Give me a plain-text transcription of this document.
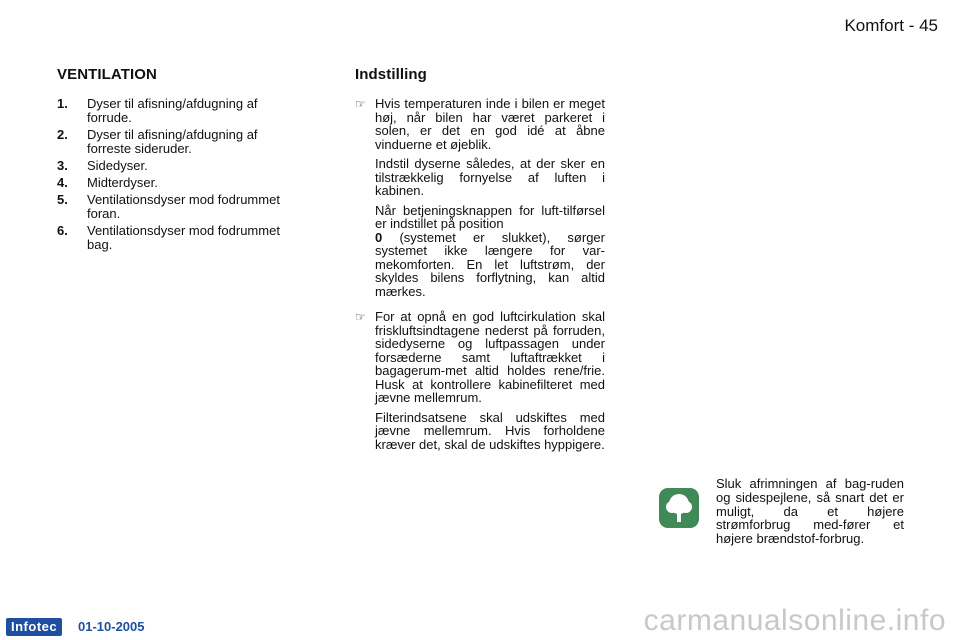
Komfort - 45
VENTILATION
1.	Dyser til afisning/afdugning af forrude.
2.	Dyser til afisning/afdugning af forreste sideruder.
3.	Sidedyser.
4.	Midterdyser.
5.	Ventilationsdyser mod fodrummet foran.
6.	Ventilationsdyser mod fodrummet bag.
Indstilling
☞ Hvis temperaturen inde i bilen er meget høj, når bilen har været parkeret i solen, er det en god idé at åbne vinduerne et øjeblik.

Indstil dyserne således, at der sker en tilstrækkelig fornyelse af luften i kabinen.

Når betjeningsknappen for luft-tilførsel er indstillet på position
0 (systemet er slukket), sørger systemet ikke længere for var-mekomforten. En let luftstrøm, der skyldes bilens forflytning, kan altid mærkes.

☞ For at opnå en god luftcirkulation skal friskluftsindtagene nederst på forruden, sidedyserne og luftpassagen under forsæderne samt luftaftrækket i bagagerum-met altid holdes rene/frie. Husk at kontrollere kabinefilteret med jævne mellemrum.

Filterindsatsene skal udskiftes med jævne mellemrum. Hvis forholdene kræver det, skal de udskiftes hyppigere.

Sluk afrimningen af bag-ruden og sidespejlene, så snart det er muligt, da et højere strømforbrug med-fører et højere brændstof-forbrug.
Infotec	01-10-2005	carmanualsonline.info
